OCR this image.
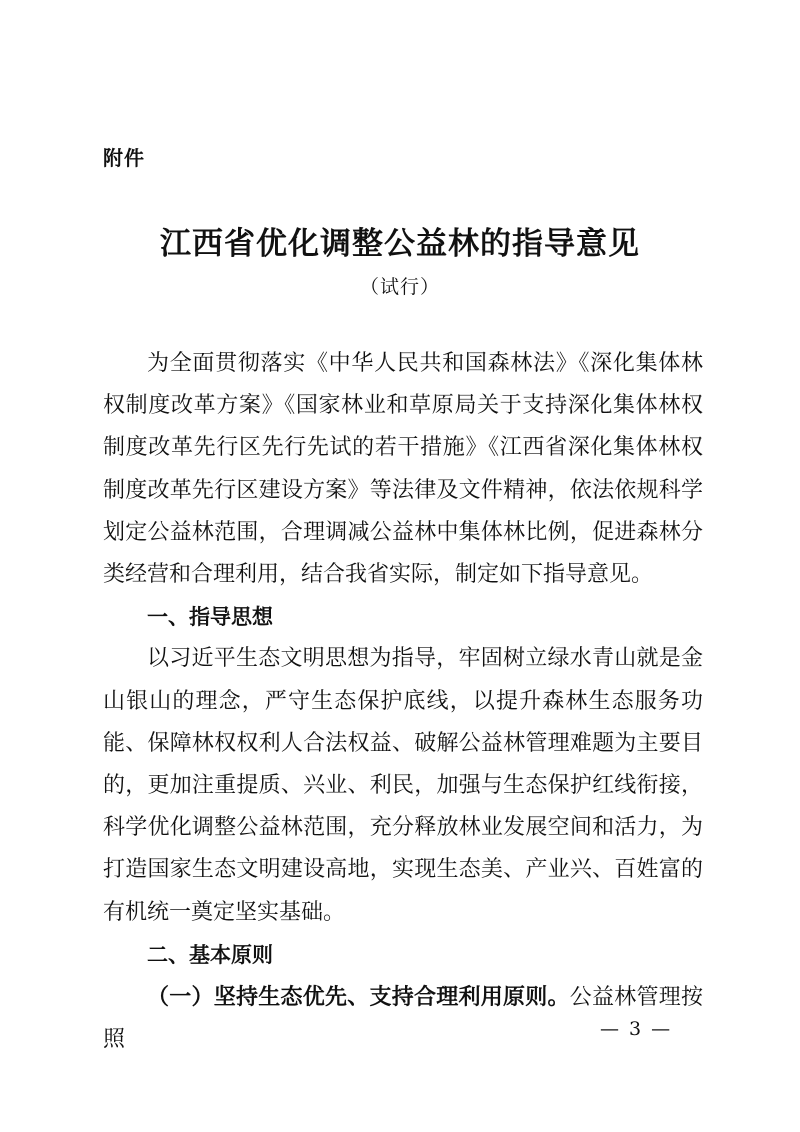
附件
江西省优化调整公益林的指导意见
（试行）

为全面贯彻落实《中华人民共和国森林法》《深化集体林权制度改革方案》《国家林业和草原局关于支持深化集体林权制度改革先行区先行先试的若干措施》《江西省深化集体林权制度改革先行区建设方案》等法律及文件精神，依法依规科学划定公益林范围，合理调减公益林中集体林比例，促进森林分类经营和合理利用，结合我省实际，制定如下指导意见。

一、指导思想

以习近平生态文明思想为指导，牢固树立绿水青山就是金山银山的理念，严守生态保护底线，以提升森林生态服务功能、保障林权权利人合法权益、破解公益林管理难题为主要目的，更加注重提质、兴业、利民，加强与生态保护红线衔接，科学优化调整公益林范围，充分释放林业发展空间和活力，为打造国家生态文明建设高地，实现生态美、产业兴、百姓富的有机统一奠定坚实基础。

二、基本原则

（一）坚持生态优先、支持合理利用原则。公益林管理按照	— 3 —
